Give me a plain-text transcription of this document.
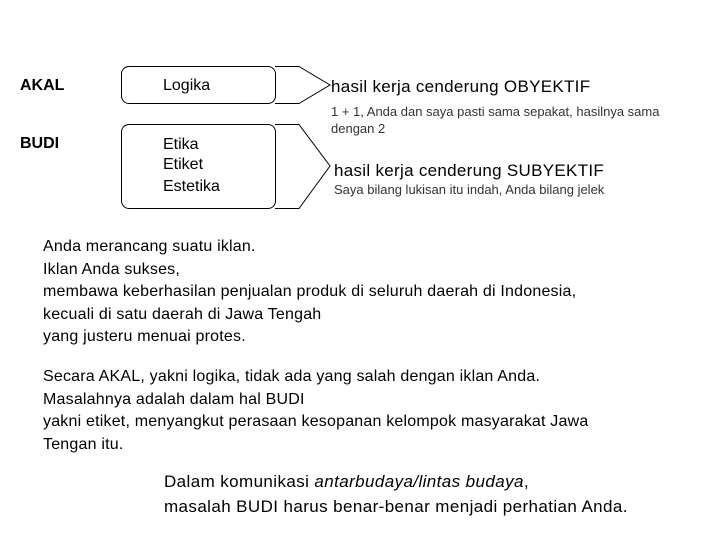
AKAL
BUDI
Logika
Etika
Etiket
Estetika
hasil kerja cenderung OBYEKTIF
1 + 1, Anda dan saya pasti sama sepakat, hasilnya sama
dengan 2
hasil kerja cenderung SUBYEKTIF
Saya bilang lukisan itu indah, Anda bilang jelek
Anda merancang suatu iklan.
Iklan Anda sukses,
membawa keberhasilan penjualan produk di seluruh daerah di Indonesia,
kecuali di satu daerah di Jawa Tengah
yang justeru menuai protes.
Secara AKAL, yakni logika, tidak ada yang salah dengan iklan Anda.
Masalahnya adalah dalam hal BUDI
yakni etiket, menyangkut perasaan kesopanan kelompok masyarakat Jawa
Tengan itu.
Dalam komunikasi antarbudaya/lintas budaya,
masalah BUDI harus benar-benar menjadi perhatian Anda.
